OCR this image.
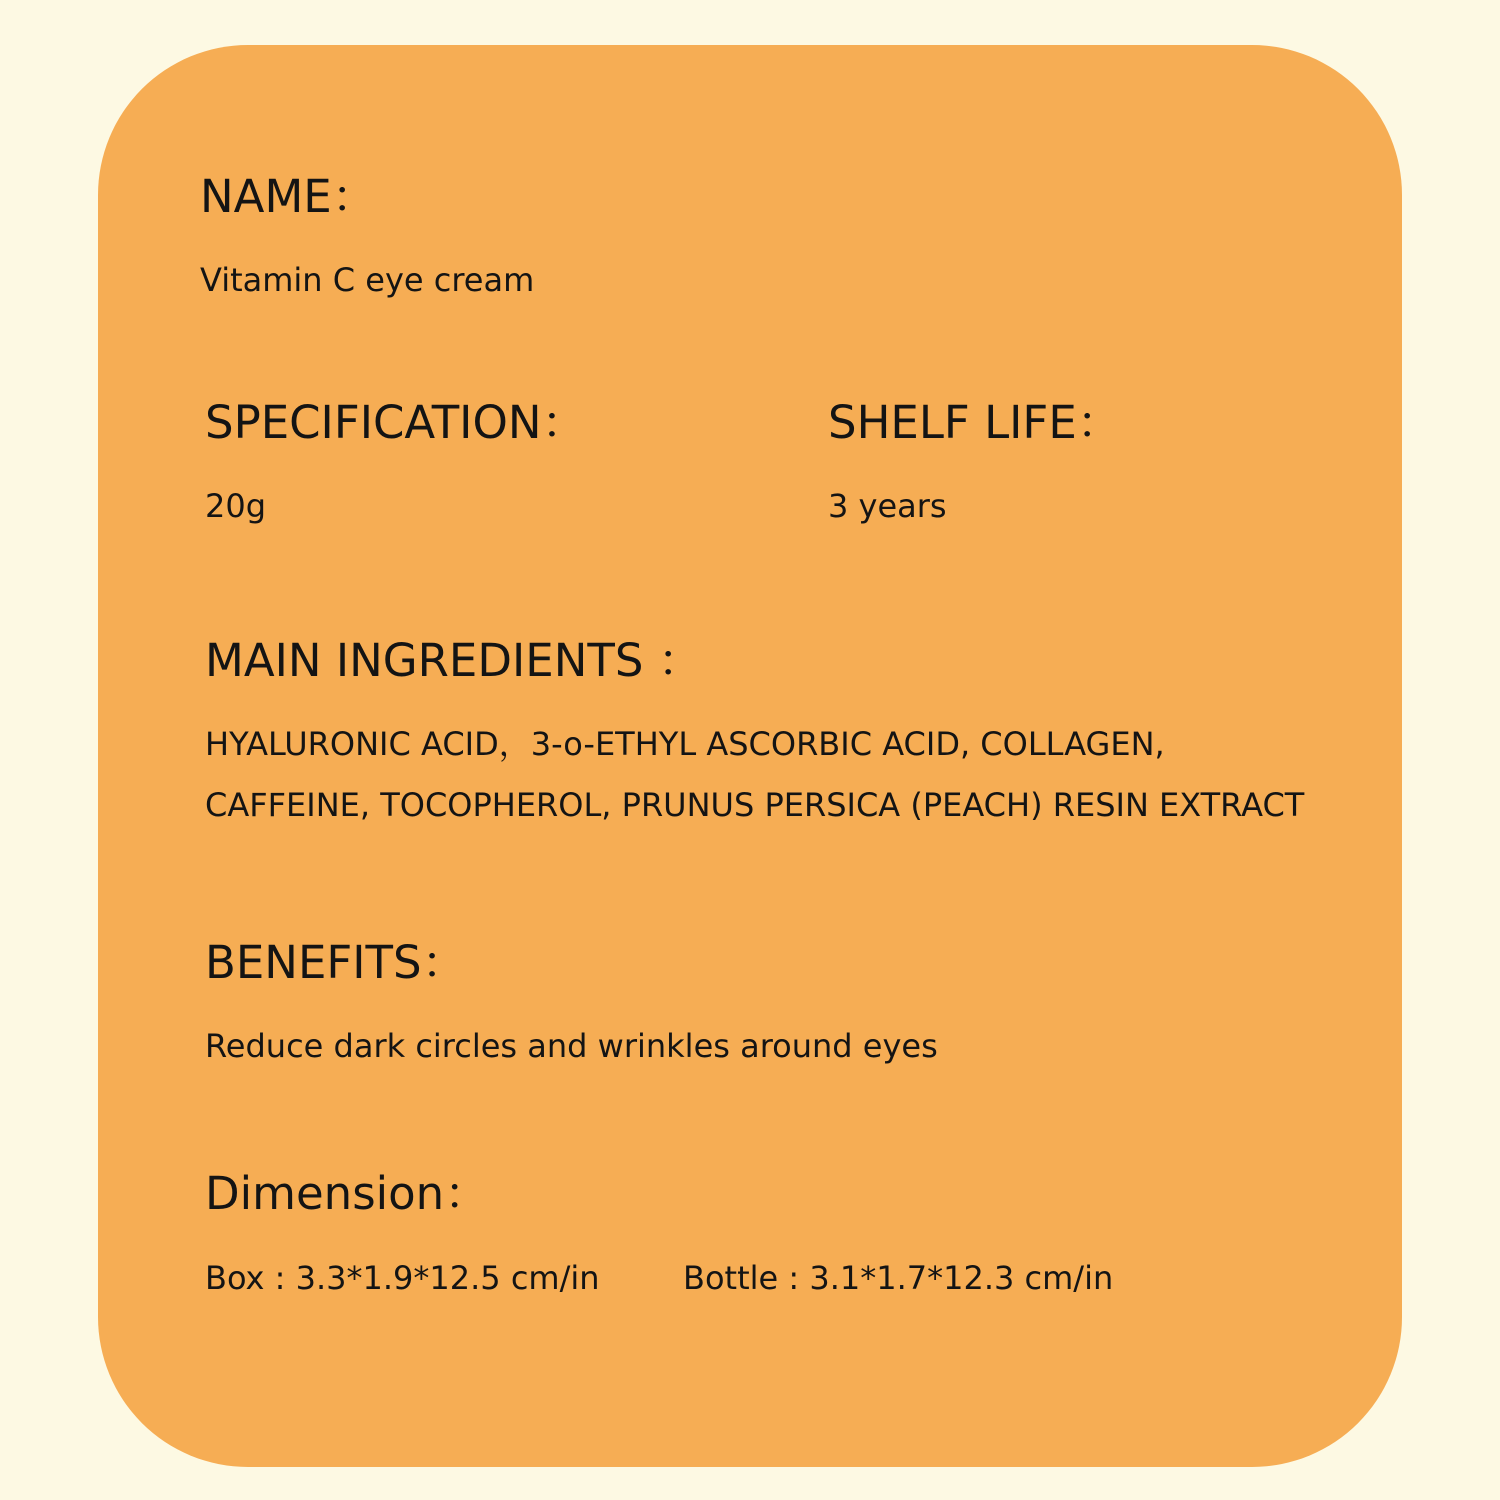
NAME：
Vitamin C eye cream
SPECIFICATION：
20g
SHELF LIFE：
3 years
MAIN INGREDIENTS ：
HYALURONIC ACID，3-o-ETHYL ASCORBIC ACID, COLLAGEN,
CAFFEINE, TOCOPHEROL, PRUNUS PERSICA (PEACH) RESIN EXTRACT
BENEFITS：
Reduce dark circles and wrinkles around eyes
Dimension：
Box : 3.3*1.9*12.5 cm/in	Bottle : 3.1*1.7*12.3 cm/in
